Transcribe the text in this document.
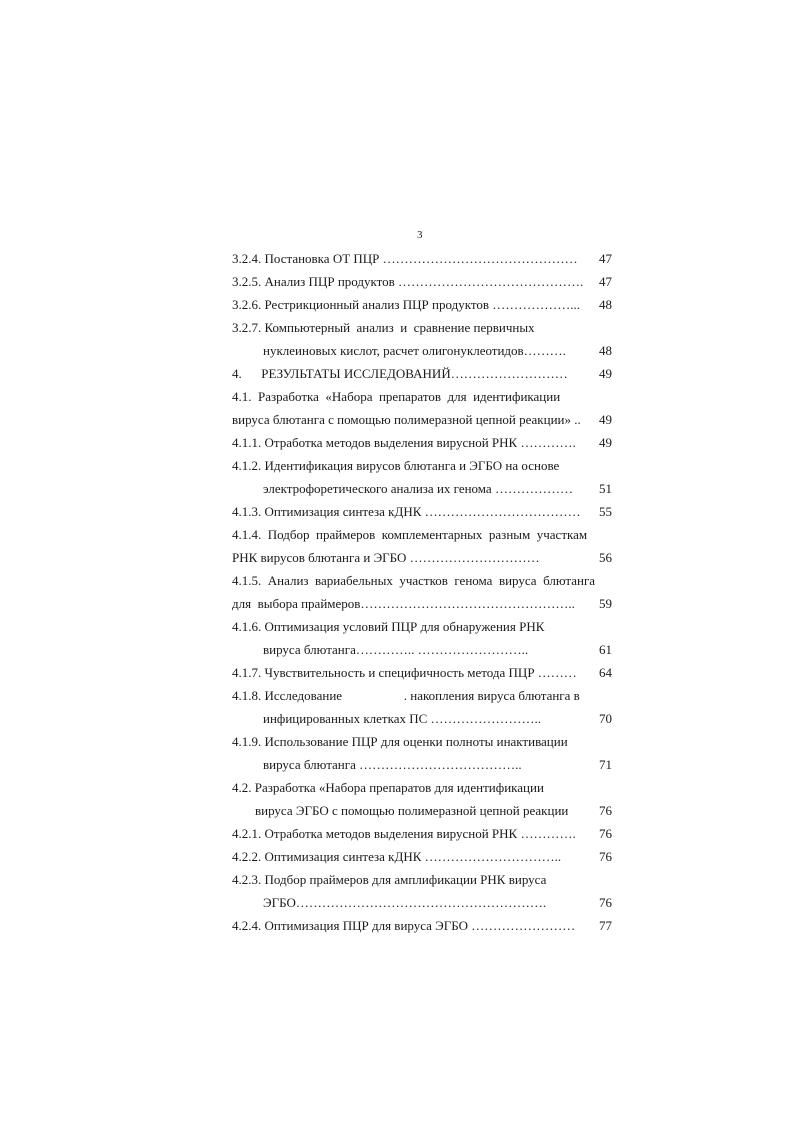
3
3.2.4. Постановка ОТ ПЦР ……………………………………… 47
3.2.5. Анализ ПЦР продуктов ……………………………………. 47
3.2.6. Рестрикционный анализ ПЦР продуктов ………………... 48
3.2.7. Компьютерный  анализ  и  сравнение первичных
нуклеиновых кислот, расчет олигонуклеотидов……….	48
4.      РЕЗУЛЬТАТЫ ИССЛЕДОВАНИЙ……………………… 49
4.1.  Разработка  «Набора  препаратов  для  идентификации
вируса блютанга с помощью полимеразной цепной реакции» .. 49
4.1.1. Отработка методов выделения вирусной РНК …………. 49
4.1.2. Идентификация вирусов блютанга и ЭГБО на основе
электрофоретического анализа их генома ……………… 51
4.1.3. Оптимизация синтеза кДНК ……………………………… 55
4.1.4.  Подбор  праймеров  комплементарных  разным  участкам
РНК вирусов блютанга и ЭГБО …………………………	56
4.1.5.  Анализ  вариабельных  участков  генома  вируса  блютанга
для  выбора праймеров………………………………………….. 59
4.1.6. Оптимизация условий ПЦР для обнаружения РНК
вируса блютанга………….. ……………………..	61
4.1.7. Чувствительность и специфичность метода ПЦР ……… 64
4.1.8. Исследование                   . накопления вируса блютанга в
инфицированных клетках ПС ……………………..	70
4.1.9. Использование ПЦР для оценки полноты инактивации
вируса блютанга ………………………………..	71
4.2. Разработка «Набора препаратов для идентификации
вируса ЭГБО с помощью полимеразной цепной реакции 76
4.2.1. Отработка методов выделения вирусной РНК …………. 76
4.2.2. Оптимизация синтеза кДНК …………………………..	76
4.2.3. Подбор праймеров для амплификации РНК вируса
ЭГБО………………………………………………….	76
4.2.4. Оптимизация ПЦР для вируса ЭГБО …………………… 77
